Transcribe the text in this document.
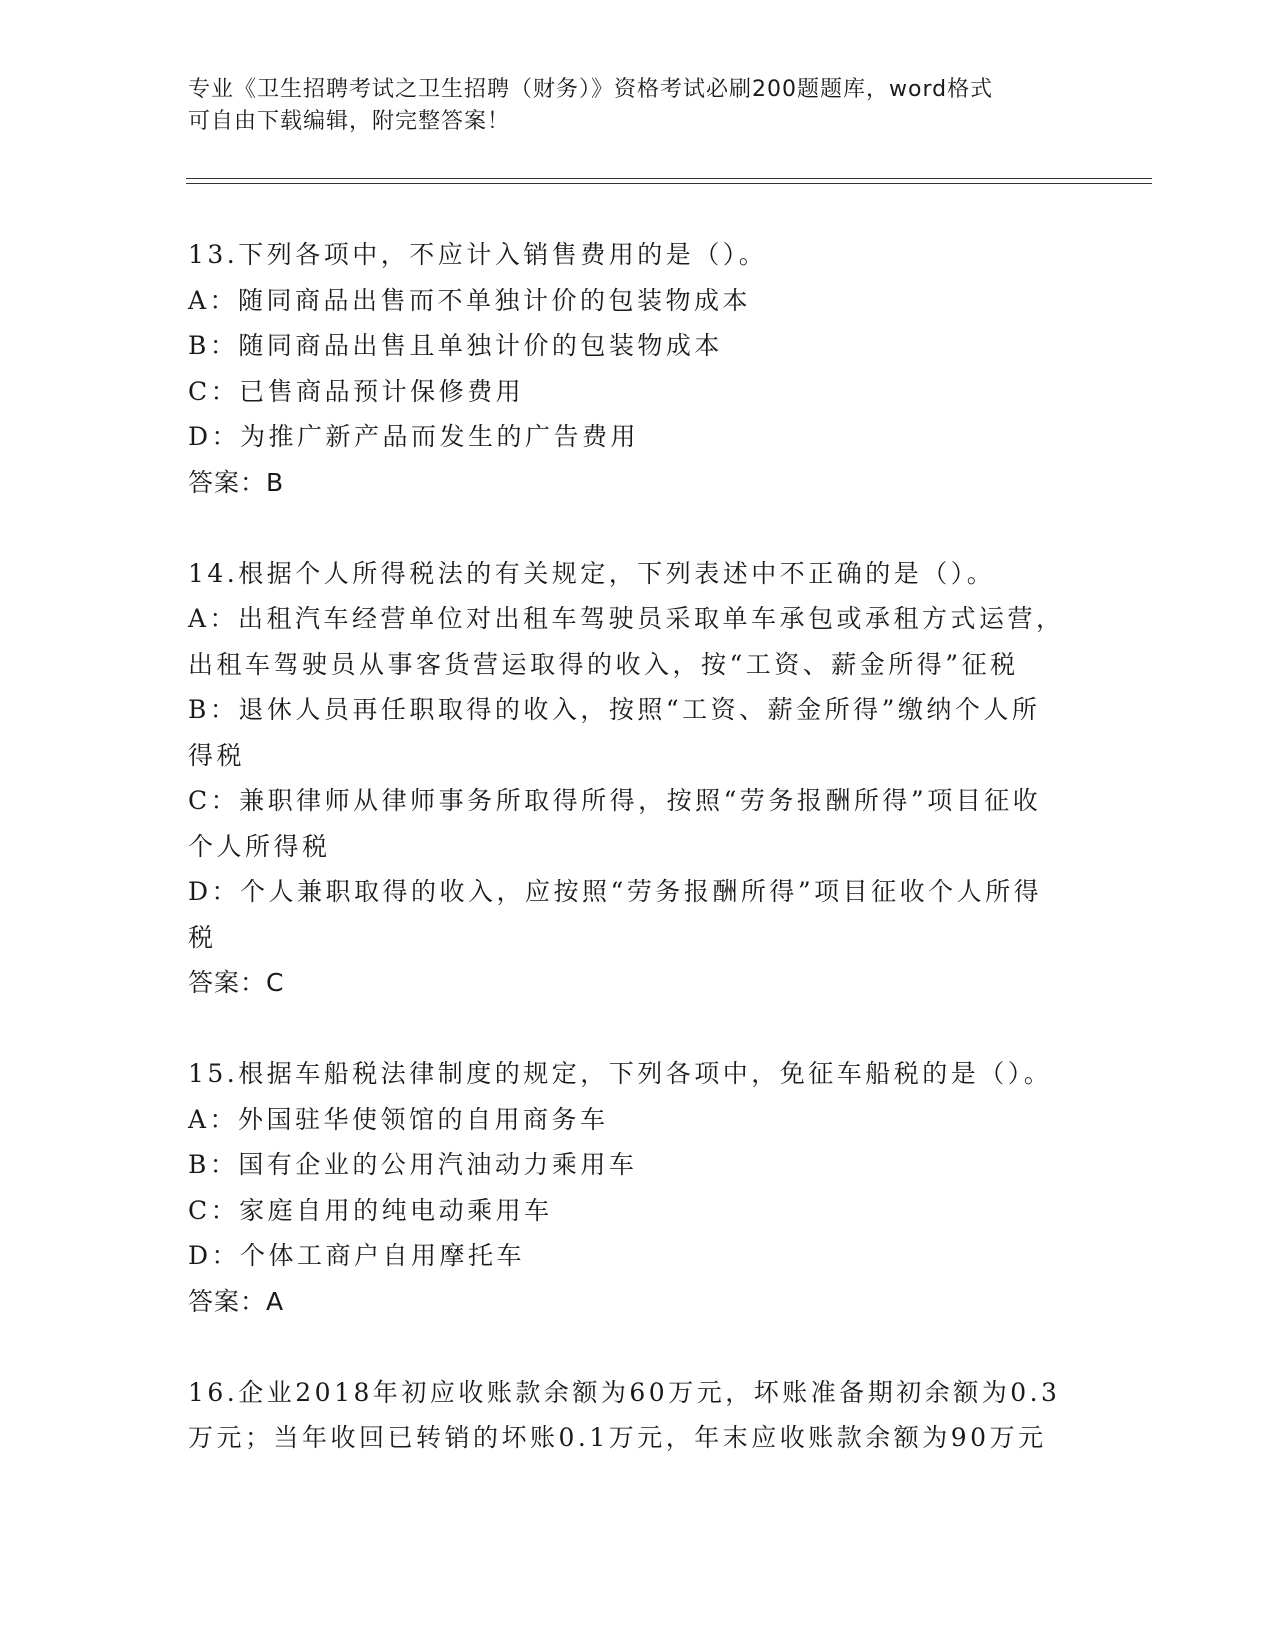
专业《卫生招聘考试之卫生招聘（财务）》资格考试必刷200题题库，word格式

可自由下载编辑，附完整答案！

13.下列各项中，不应计入销售费用的是（）。
A：随同商品出售而不单独计价的包装物成本
B：随同商品出售且单独计价的包装物成本
C：已售商品预计保修费用
D：为推广新产品而发生的广告费用
答案：B
14.根据个人所得税法的有关规定，下列表述中不正确的是（）。
A：出租汽车经营单位对出租车驾驶员采取单车承包或承租方式运营，
出租车驾驶员从事客货营运取得的收入，按“工资、薪金所得”征税
B：退休人员再任职取得的收入，按照“工资、薪金所得”缴纳个人所
得税
C：兼职律师从律师事务所取得所得，按照“劳务报酬所得”项目征收
个人所得税
D：个人兼职取得的收入，应按照“劳务报酬所得”项目征收个人所得
税
答案：C
15.根据车船税法律制度的规定，下列各项中，免征车船税的是（）。
A：外国驻华使领馆的自用商务车
B：国有企业的公用汽油动力乘用车
C：家庭自用的纯电动乘用车
D：个体工商户自用摩托车
答案：A
16.企业2018年初应收账款余额为60万元，坏账准备期初余额为0.3
万元；当年收回已转销的坏账0.1万元，年末应收账款余额为90万元
